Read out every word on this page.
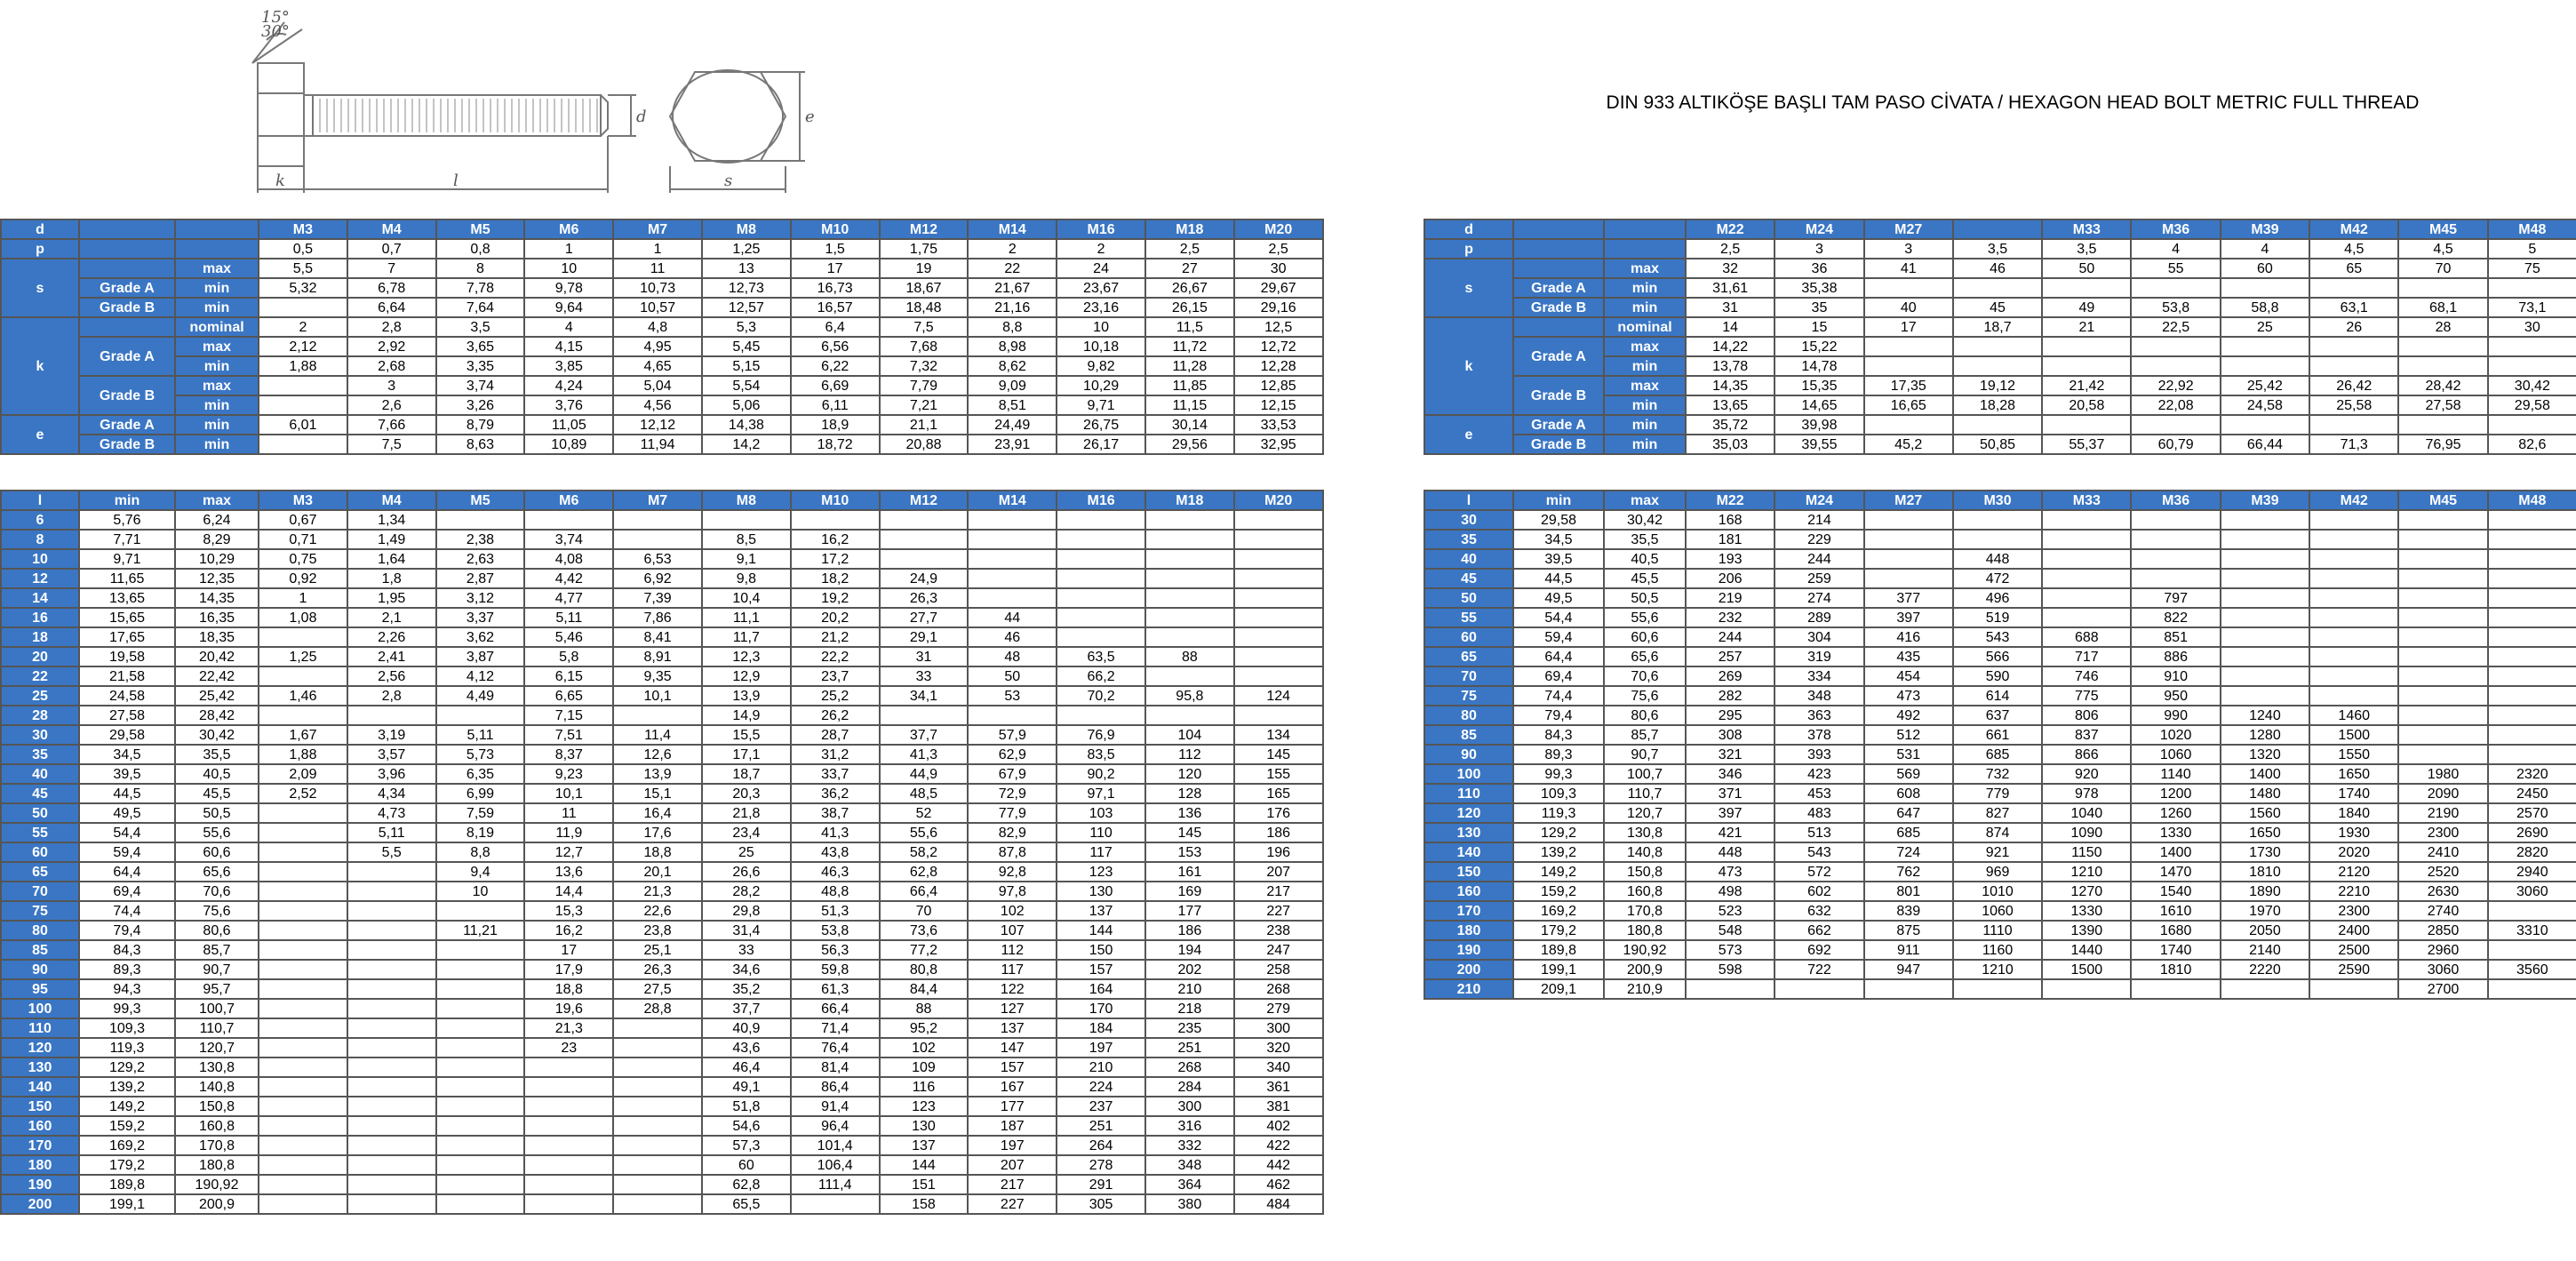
15°
30°
d
k	l	s
e
DIN 933 ALTIKÖŞE BAŞLI TAM PASO CİVATA / HEXAGON HEAD BOLT METRIC FULL THREAD
d			M3	M4	M5	M6	M7	M8	M10	M12	M14	M16	M18	M20
p			0,5	0,7	0,8	1	1	1,25	1,5	1,75	2	2	2,5	2,5
s		max	5,5	7	8	10	11	13	17	19	22	24	27	30
	Grade A	min	5,32	6,78	7,78	9,78	10,73	12,73	16,73	18,67	21,67	23,67	26,67	29,67
	Grade B	min		6,64	7,64	9,64	10,57	12,57	16,57	18,48	21,16	23,16	26,15	29,16
k		nominal	2	2,8	3,5	4	4,8	5,3	6,4	7,5	8,8	10	11,5	12,5
	Grade A	max	2,12	2,92	3,65	4,15	4,95	5,45	6,56	7,68	8,98	10,18	11,72	12,72
		min	1,88	2,68	3,35	3,85	4,65	5,15	6,22	7,32	8,62	9,82	11,28	12,28
	Grade B	max		3	3,74	4,24	5,04	5,54	6,69	7,79	9,09	10,29	11,85	12,85
		min		2,6	3,26	3,76	4,56	5,06	6,11	7,21	8,51	9,71	11,15	12,15
e	Grade A	min	6,01	7,66	8,79	11,05	12,12	14,38	18,9	21,1	24,49	26,75	30,14	33,53
	Grade B	min		7,5	8,63	10,89	11,94	14,2	18,72	20,88	23,91	26,17	29,56	32,95

d			M22	M24	M27		M33	M36	M39	M42	M45	M48
p			2,5	3	3	3,5	3,5	4	4	4,5	4,5	5
s		max	32	36	41	46	50	55	60	65	70	75
	Grade A	min	31,61	35,38								
	Grade B	min	31	35	40	45	49	53,8	58,8	63,1	68,1	73,1
k		nominal	14	15	17	18,7	21	22,5	25	26	28	30
	Grade A	max	14,22	15,22								
		min	13,78	14,78								
	Grade B	max	14,35	15,35	17,35	19,12	21,42	22,92	25,42	26,42	28,42	30,42
		min	13,65	14,65	16,65	18,28	20,58	22,08	24,58	25,58	27,58	29,58
e	Grade A	min	35,72	39,98								
	Grade B	min	35,03	39,55	45,2	50,85	55,37	60,79	66,44	71,3	76,95	82,6

l	min	max	M3	M4	M5	M6	M7	M8	M10	M12	M14	M16	M18	M20
6	5,76	6,24	0,67	1,34										
8	7,71	8,29	0,71	1,49	2,38	3,74		8,5	16,2					
10	9,71	10,29	0,75	1,64	2,63	4,08	6,53	9,1	17,2					
12	11,65	12,35	0,92	1,8	2,87	4,42	6,92	9,8	18,2	24,9				
14	13,65	14,35	1	1,95	3,12	4,77	7,39	10,4	19,2	26,3				
16	15,65	16,35	1,08	2,1	3,37	5,11	7,86	11,1	20,2	27,7	44			
18	17,65	18,35		2,26	3,62	5,46	8,41	11,7	21,2	29,1	46			
20	19,58	20,42	1,25	2,41	3,87	5,8	8,91	12,3	22,2	31	48	63,5	88	
22	21,58	22,42		2,56	4,12	6,15	9,35	12,9	23,7	33	50	66,2		
25	24,58	25,42	1,46	2,8	4,49	6,65	10,1	13,9	25,2	34,1	53	70,2	95,8	124
28	27,58	28,42				7,15		14,9	26,2					
30	29,58	30,42	1,67	3,19	5,11	7,51	11,4	15,5	28,7	37,7	57,9	76,9	104	134
35	34,5	35,5	1,88	3,57	5,73	8,37	12,6	17,1	31,2	41,3	62,9	83,5	112	145
40	39,5	40,5	2,09	3,96	6,35	9,23	13,9	18,7	33,7	44,9	67,9	90,2	120	155
45	44,5	45,5	2,52	4,34	6,99	10,1	15,1	20,3	36,2	48,5	72,9	97,1	128	165
50	49,5	50,5		4,73	7,59	11	16,4	21,8	38,7	52	77,9	103	136	176
55	54,4	55,6		5,11	8,19	11,9	17,6	23,4	41,3	55,6	82,9	110	145	186
60	59,4	60,6		5,5	8,8	12,7	18,8	25	43,8	58,2	87,8	117	153	196
65	64,4	65,6			9,4	13,6	20,1	26,6	46,3	62,8	92,8	123	161	207
70	69,4	70,6			10	14,4	21,3	28,2	48,8	66,4	97,8	130	169	217
75	74,4	75,6				15,3	22,6	29,8	51,3	70	102	137	177	227
80	79,4	80,6			11,21	16,2	23,8	31,4	53,8	73,6	107	144	186	238
85	84,3	85,7				17	25,1	33	56,3	77,2	112	150	194	247
90	89,3	90,7				17,9	26,3	34,6	59,8	80,8	117	157	202	258
95	94,3	95,7				18,8	27,5	35,2	61,3	84,4	122	164	210	268
100	99,3	100,7				19,6	28,8	37,7	66,4	88	127	170	218	279
110	109,3	110,7				21,3		40,9	71,4	95,2	137	184	235	300
120	119,3	120,7				23		43,6	76,4	102	147	197	251	320
130	129,2	130,8						46,4	81,4	109	157	210	268	340
140	139,2	140,8						49,1	86,4	116	167	224	284	361
150	149,2	150,8						51,8	91,4	123	177	237	300	381
160	159,2	160,8						54,6	96,4	130	187	251	316	402
170	169,2	170,8						57,3	101,4	137	197	264	332	422
180	179,2	180,8						60	106,4	144	207	278	348	442
190	189,8	190,92						62,8	111,4	151	217	291	364	462
200	199,1	200,9						65,5		158	227	305	380	484
l	min	max	M22	M24	M27	M30	M33	M36	M39	M42	M45	M48
30	29,58	30,42	168	214								
35	34,5	35,5	181	229								
40	39,5	40,5	193	244		448						
45	44,5	45,5	206	259		472						
50	49,5	50,5	219	274	377	496		797				
55	54,4	55,6	232	289	397	519		822				
60	59,4	60,6	244	304	416	543	688	851				
65	64,4	65,6	257	319	435	566	717	886				
70	69,4	70,6	269	334	454	590	746	910				
75	74,4	75,6	282	348	473	614	775	950				
80	79,4	80,6	295	363	492	637	806	990	1240	1460		
85	84,3	85,7	308	378	512	661	837	1020	1280	1500		
90	89,3	90,7	321	393	531	685	866	1060	1320	1550		
100	99,3	100,7	346	423	569	732	920	1140	1400	1650	1980	2320
110	109,3	110,7	371	453	608	779	978	1200	1480	1740	2090	2450
120	119,3	120,7	397	483	647	827	1040	1260	1560	1840	2190	2570
130	129,2	130,8	421	513	685	874	1090	1330	1650	1930	2300	2690
140	139,2	140,8	448	543	724	921	1150	1400	1730	2020	2410	2820
150	149,2	150,8	473	572	762	969	1210	1470	1810	2120	2520	2940
160	159,2	160,8	498	602	801	1010	1270	1540	1890	2210	2630	3060
170	169,2	170,8	523	632	839	1060	1330	1610	1970	2300	2740	
180	179,2	180,8	548	662	875	1110	1390	1680	2050	2400	2850	3310
190	189,8	190,92	573	692	911	1160	1440	1740	2140	2500	2960	
200	199,1	200,9	598	722	947	1210	1500	1810	2220	2590	3060	3560
210	209,1	210,9									2700	
